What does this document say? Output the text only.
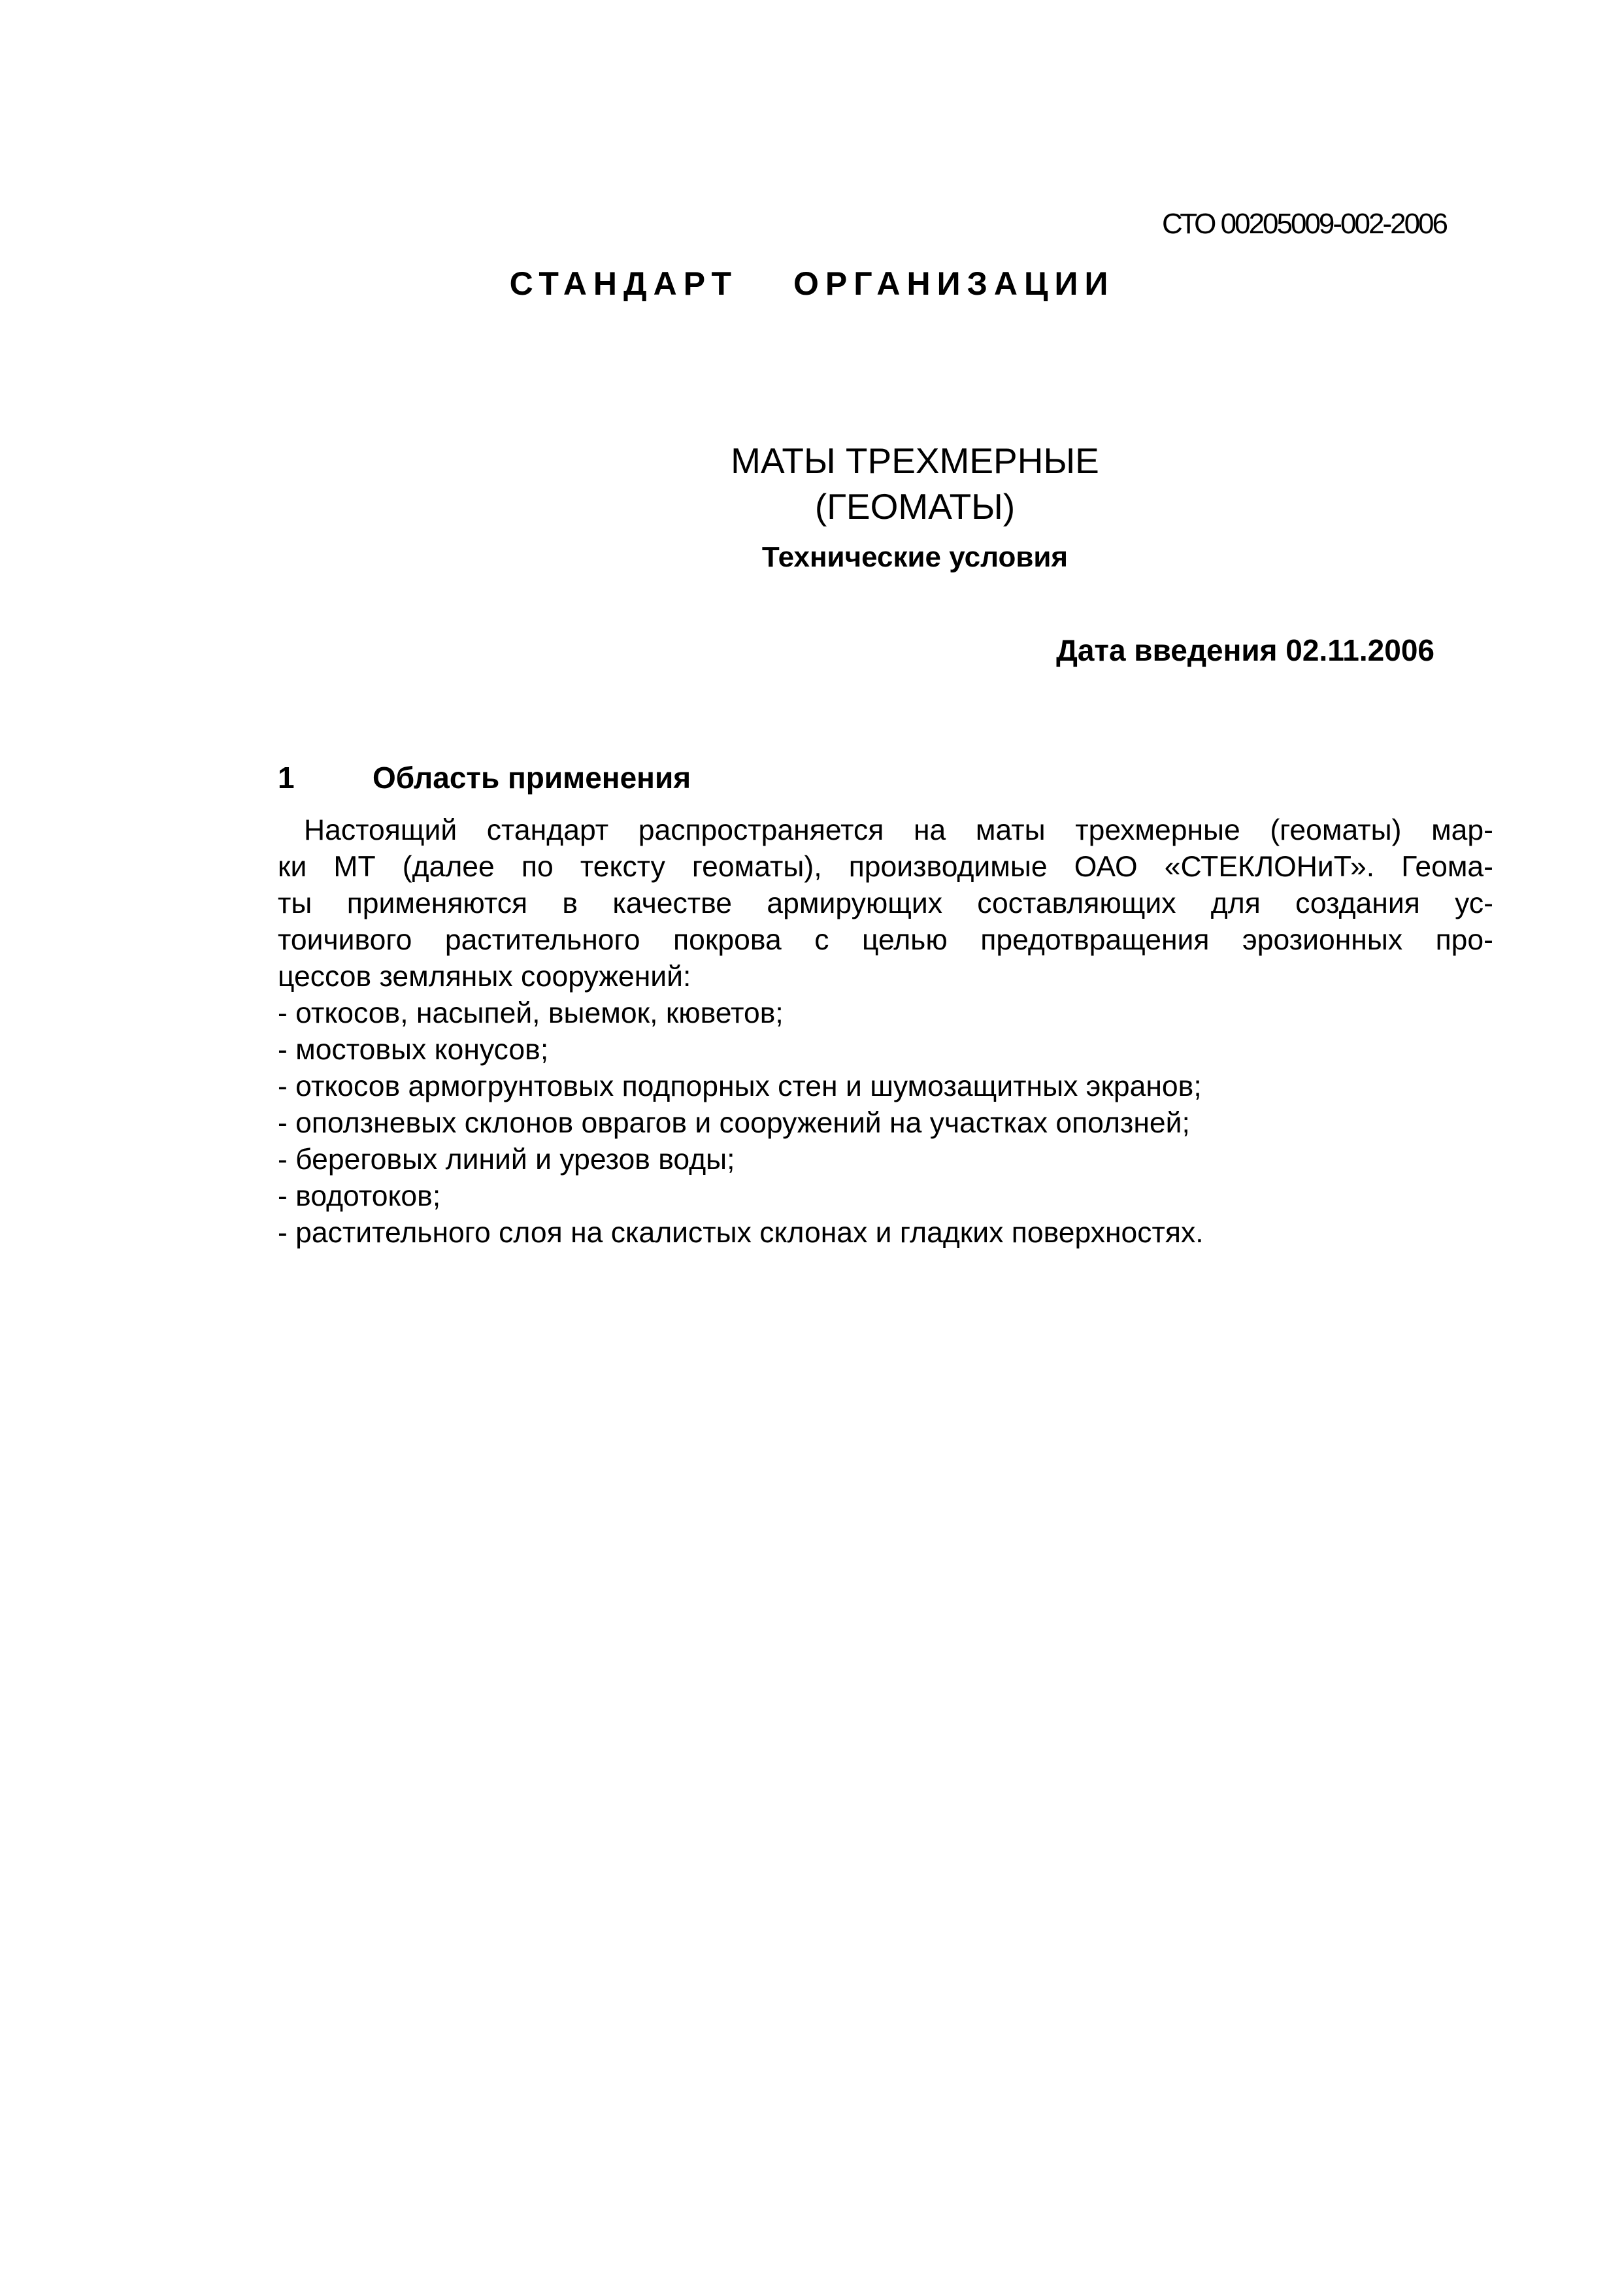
СТО 00205009-002-2006
СТАНДАРТ ОРГАНИЗАЦИИ
МАТЫ ТРЕХМЕРНЫЕ
(ГЕОМАТЫ)
Технические условия
Дата введения 02.11.2006
1	Область применения
Настоящий стандарт распространяется на маты трехмерные (геоматы) мар-
ки МТ (далее по тексту геоматы), производимые ОАО «СТЕКЛОНиТ». Геома-
ты применяются в качестве армирующих составляющих для создания ус-
тоичивого растительного покрова с целью предотвращения эрозионных про-
цессов земляных сооружений:
- откосов, насыпей, выемок, кюветов;
- мостовых конусов;
- откосов армогрунтовых подпорных стен и шумозащитных экранов;
- оползневых склонов оврагов и сооружений на участках оползней;
- береговых линий и урезов воды;
- водотоков;
- растительного слоя на скалистых склонах и гладких поверхностях.
